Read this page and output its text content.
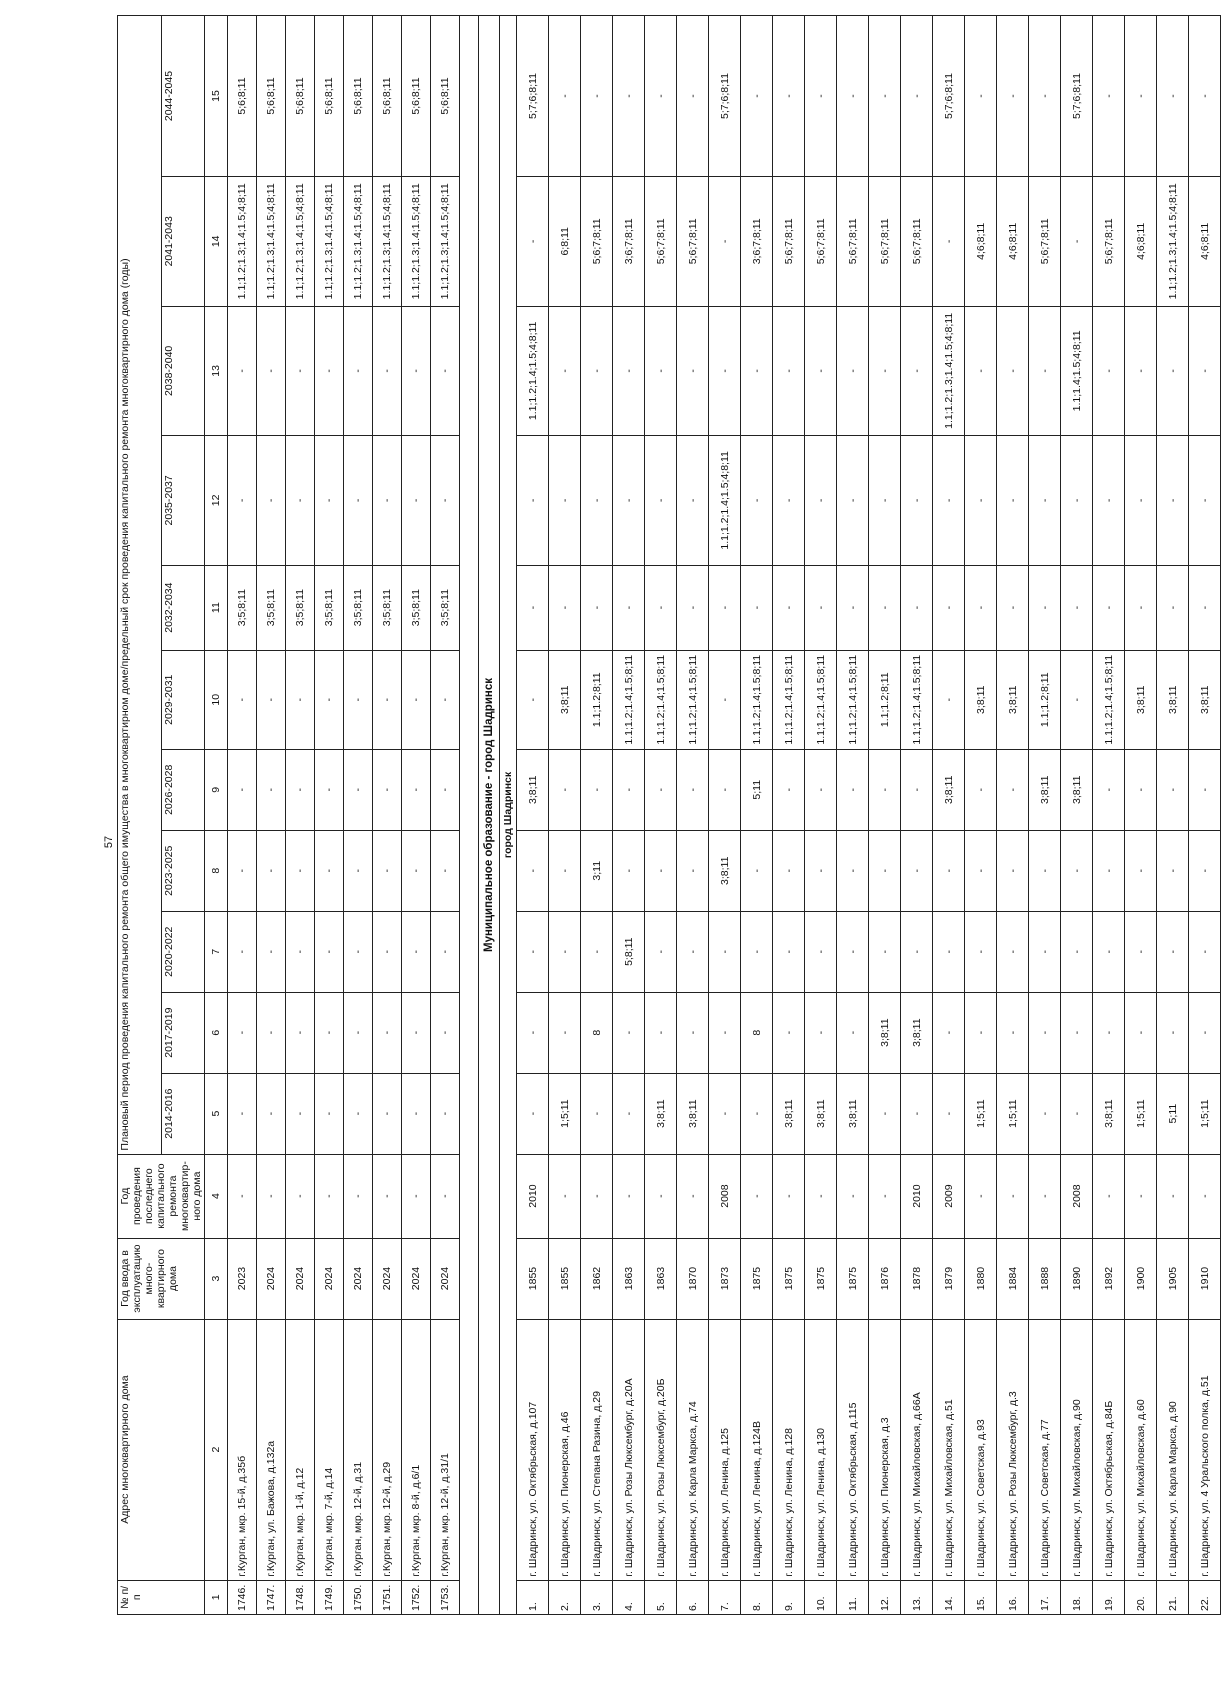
57
№ п/п	Адрес многоквартирного дома	Год ввода в эксплуатацию много- квартирного дома	Год проведения последнего капитального ремонта многоквартир- ного дома	Плановый период проведения капитального ремонта общего имущества в многоквартирном доме/предельный срок проведения капитального ремонта многоквартирного дома (годы)										
				2014-2016	2017-2019	2020-2022	2023-2025	2026-2028	2029-2031	2032-2034	2035-2037	2038-2040	2041-2043	2044-2045
1	2	3	4	5	6	7	8	9	10	11	12	13	14	15
1746.	г.Курган, мкр. 15-й, д.35б	2023	-	-	-	-	-	-	-	3;5;8;11	-	-	1.1;1.2;1.3;1.4;1.5;4;8;11	5;6;8;11
1747.	г.Курган, ул. Бажова, д.132а	2024	-	-	-	-	-	-	-	3;5;8;11	-	-	1.1;1.2;1.3;1.4;1.5;4;8;11	5;6;8;11
1748.	г.Курган, мкр. 1-й, д.12	2024	-	-	-	-	-	-	-	3;5;8;11	-	-	1.1;1.2;1.3;1.4;1.5;4;8;11	5;6;8;11
1749.	г.Курган, мкр. 7-й, д.14	2024	-	-	-	-	-	-	-	3;5;8;11	-	-	1.1;1.2;1.3;1.4;1.5;4;8;11	5;6;8;11
1750.	г.Курган, мкр. 12-й, д.31	2024	-	-	-	-	-	-	-	3;5;8;11	-	-	1.1;1.2;1.3;1.4;1.5;4;8;11	5;6;8;11
1751.	г.Курган, мкр. 12-й, д.29	2024	-	-	-	-	-	-	-	3;5;8;11	-	-	1.1;1.2;1.3;1.4;1.5;4;8;11	5;6;8;11
1752.	г.Курган, мкр. 8-й, д.6/1	2024	-	-	-	-	-	-	-	3;5;8;11	-	-	1.1;1.2;1.3;1.4;1.5;4;8;11	5;6;8;11
1753.	г.Курган, мкр. 12-й, д.31/1	2024	-	-	-	-	-	-	-	3;5;8;11	-	-	1.1;1.2;1.3;1.4;1.5;4;8;11	5;6;8;11

Муниципальное образование - город Шадринск														
город Шадринск														
1.	г. Шадринск, ул. Октябрьская, д.107	1855	2010	-	-	-	-	3;8;11	-	-	-	1.1;1.2;1.4;1.5;4;8;11	-	5;7;6;8;11
2.	г. Шадринск, ул. Пионерская, д.46	1855	-	1;5;11	-	-	-	-	3;8;11	-	-	-	6;8;11	-
3.	г. Шадринск, ул. Степана Разина, д.29	1862	-	-	8	-	3;11	-	1.1;1.2;8;11	-	-	-	5;6;7;8;11	-
4.	г. Шадринск, ул. Розы Люксембург, д.20А	1863	-	-	-	5;8;11	-	-	1.1;1.2;1.4;1.5;8;11	-	-	-	3;6;7;8;11	-
5.	г. Шадринск, ул. Розы Люксембург, д.20Б	1863	-	3;8;11	-	-	-	-	1.1;1.2;1.4;1.5;8;11	-	-	-	5;6;7;8;11	-
6.	г. Шадринск, ул. Карла Маркса, д.74	1870	-	3;8;11	-	-	-	-	1.1;1.2;1.4;1.5;8;11	-	-	-	5;6;7;8;11	-
7.	г. Шадринск, ул. Ленина, д.125	1873	2008	-	-	-	3;8;11	-	-	-	1.1;1.2;1.4;1.5;4;8;11	-	-	5;7;6;8;11
8.	г. Шадринск, ул. Ленина, д.124В	1875	-	-	8	-	-	5;11	1.1;1.2;1.4;1.5;8;11	-	-	-	3;6;7;8;11	-
9.	г. Шадринск, ул. Ленина, д.128	1875	-	3;8;11	-	-	-	-	1.1;1.2;1.4;1.5;8;11	-	-	-	5;6;7;8;11	-
10.	г. Шадринск, ул. Ленина, д.130	1875	-	3;8;11	-	-	-	-	1.1;1.2;1.4;1.5;8;11	-	-	-	5;6;7;8;11	-
11.	г. Шадринск, ул. Октябрьская, д.115	1875	-	3;8;11	-	-	-	-	1.1;1.2;1.4;1.5;8;11	-	-	-	5;6;7;8;11	-
12.	г. Шадринск, ул. Пионерская, д.3	1876	-	-	3;8;11	-	-	-	1.1;1.2;8;11	-	-	-	5;6;7;8;11	-
13.	г. Шадринск, ул. Михайловская, д.66А	1878	2010	-	3;8;11	-	-	-	1.1;1.2;1.4;1.5;8;11	-	-	-	5;6;7;8;11	-
14.	г. Шадринск, ул. Михайловская, д.51	1879	2009	-	-	-	-	3;8;11	-	-	-	1.1;1.2;1.3;1.4;1.5;4;8;11	-	5;7;6;8;11
15.	г. Шадринск, ул. Советская, д.93	1880	-	1;5;11	-	-	-	-	3;8;11	-	-	-	4;6;8;11	-
16.	г. Шадринск, ул. Розы Люксембург, д.3	1884	-	1;5;11	-	-	-	-	3;8;11	-	-	-	4;6;8;11	-
17.	г. Шадринск, ул. Советская, д.77	1888	-	-	-	-	-	3;8;11	1.1;1.2;8;11	-	-	-	5;6;7;8;11	-
18.	г. Шадринск, ул. Михайловская, д.90	1890	2008	-	-	-	-	3;8;11	-	-	-	1.1;1.4;1.5;4;8;11	-	5;7;6;8;11
19.	г. Шадринск, ул. Октябрьская, д.84Б	1892	-	3;8;11	-	-	-	-	1.1;1.2;1.4;1.5;8;11	-	-	-	5;6;7;8;11	-
20.	г. Шадринск, ул. Михайловская, д.60	1900	-	1;5;11	-	-	-	-	3;8;11	-	-	-	4;6;8;11	-
21.	г. Шадринск, ул. Карла Маркса, д.90	1905	-	5;11	-	-	-	-	3;8;11	-	-	-	1.1;1.2;1.3;1.4;1.5;4;8;11	-
22.	г. Шадринск, ул. 4 Уральского полка, д.51	1910	-	1;5;11	-	-	-	-	3;8;11	-	-	-	4;6;8;11	-
